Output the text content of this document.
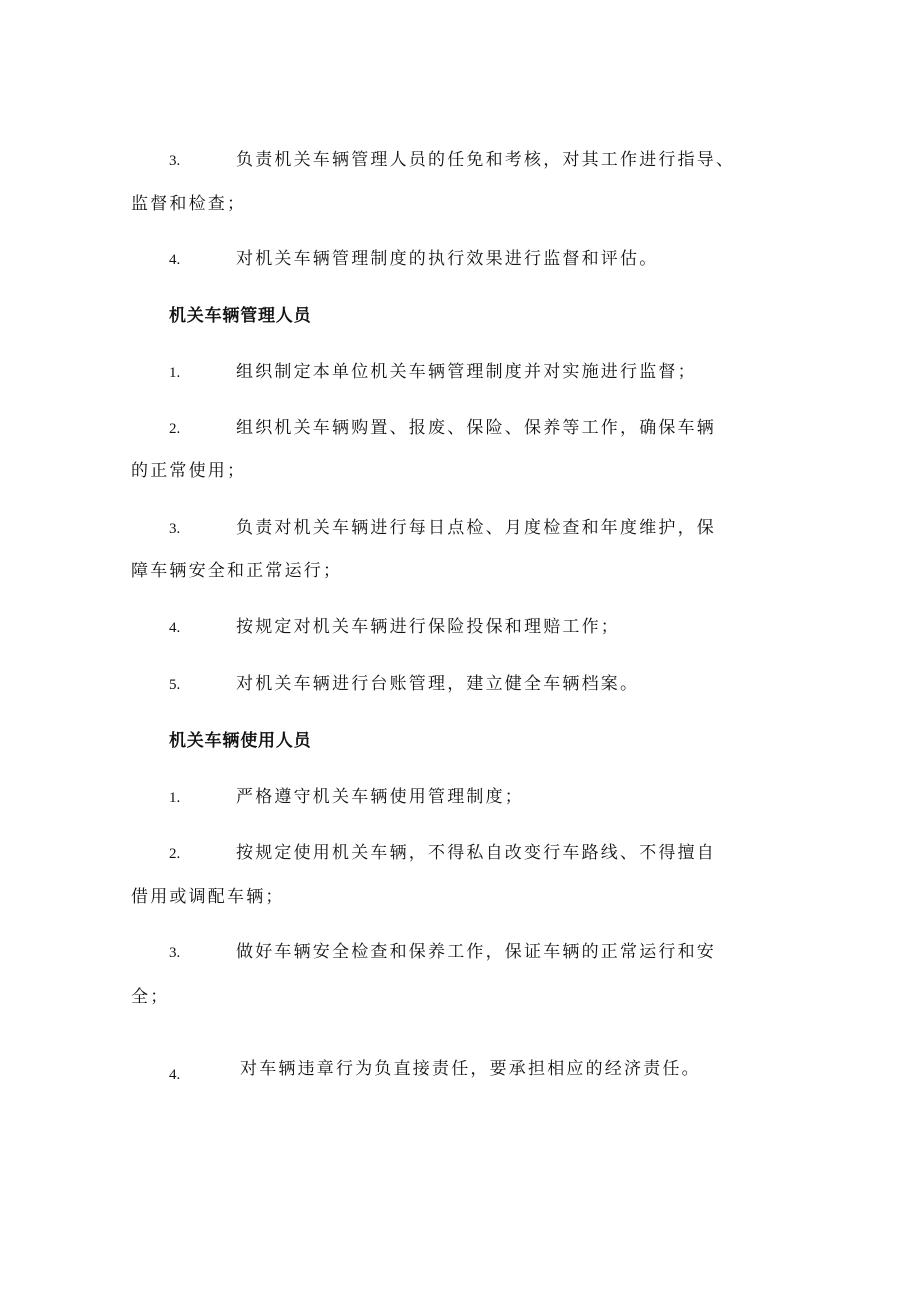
3.	负责机关车辆管理人员的任免和考核，对其工作进行指导、
监督和检查；
4.	对机关车辆管理制度的执行效果进行监督和评估。
机关车辆管理人员
1.	组织制定本单位机关车辆管理制度并对实施进行监督；
2.	组织机关车辆购置、报废、保险、保养等工作，确保车辆
的正常使用；
3.	负责对机关车辆进行每日点检、月度检查和年度维护，保
障车辆安全和正常运行；
4.	按规定对机关车辆进行保险投保和理赔工作；
5.	对机关车辆进行台账管理，建立健全车辆档案。
机关车辆使用人员
1.	严格遵守机关车辆使用管理制度；
2.	按规定使用机关车辆，不得私自改变行车路线、不得擅自
借用或调配车辆；
3.	做好车辆安全检查和保养工作，保证车辆的正常运行和安
全；
4.	对车辆违章行为负直接责任，要承担相应的经济责任。
